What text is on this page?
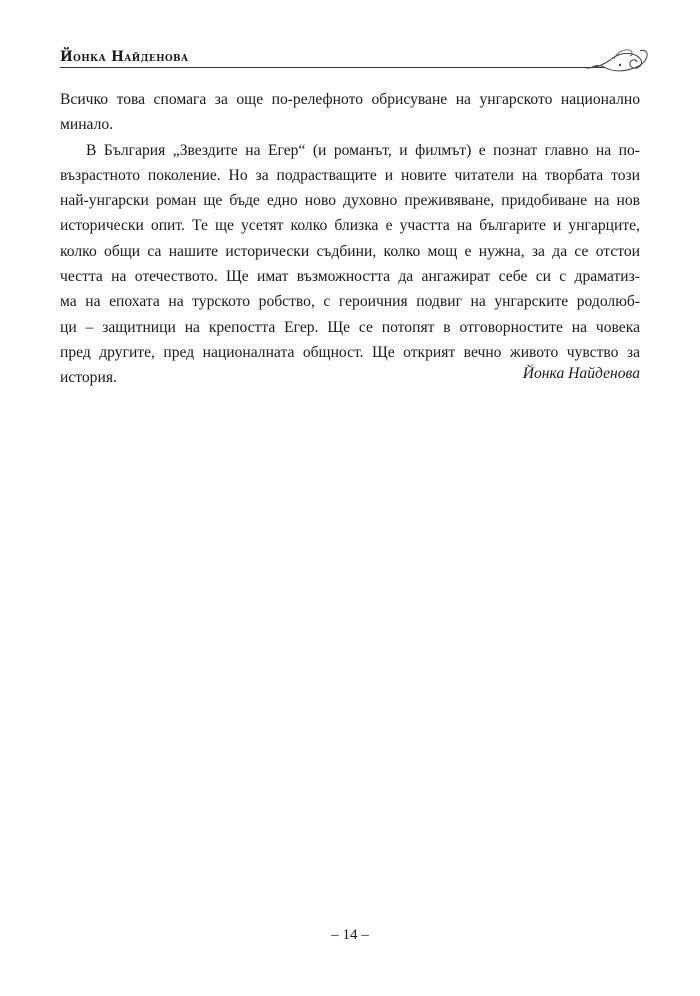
Йонка Найденова

Всичко това спомага за още по-релефното обрисуване на унгарското национално
минало.

В България „Звездите на Егер“ (и романът, и филмът) е познат главно на по-
възрастното поколение. Но за подрастващите и новите читатели на творбата този
най-унгарски роман ще бъде едно ново духовно преживяване, придобиване на нов
исторически опит. Те ще усетят колко близка е участта на българите и унгарците,
колко общи са нашите исторически съдбини, колко мощ е нужна, за да се отстои
честта на отечеството. Ще имат възможността да ангажират себе си с драматиз-
ма на епохата на турското робство, с героичния подвиг на унгарските родолюб-
ци – защитници на крепостта Егер. Ще се потопят в отговорностите на човека
пред другите, пред националната общност. Ще открият вечно живото чувство за
история.	Йонка Найденова
– 14 –
